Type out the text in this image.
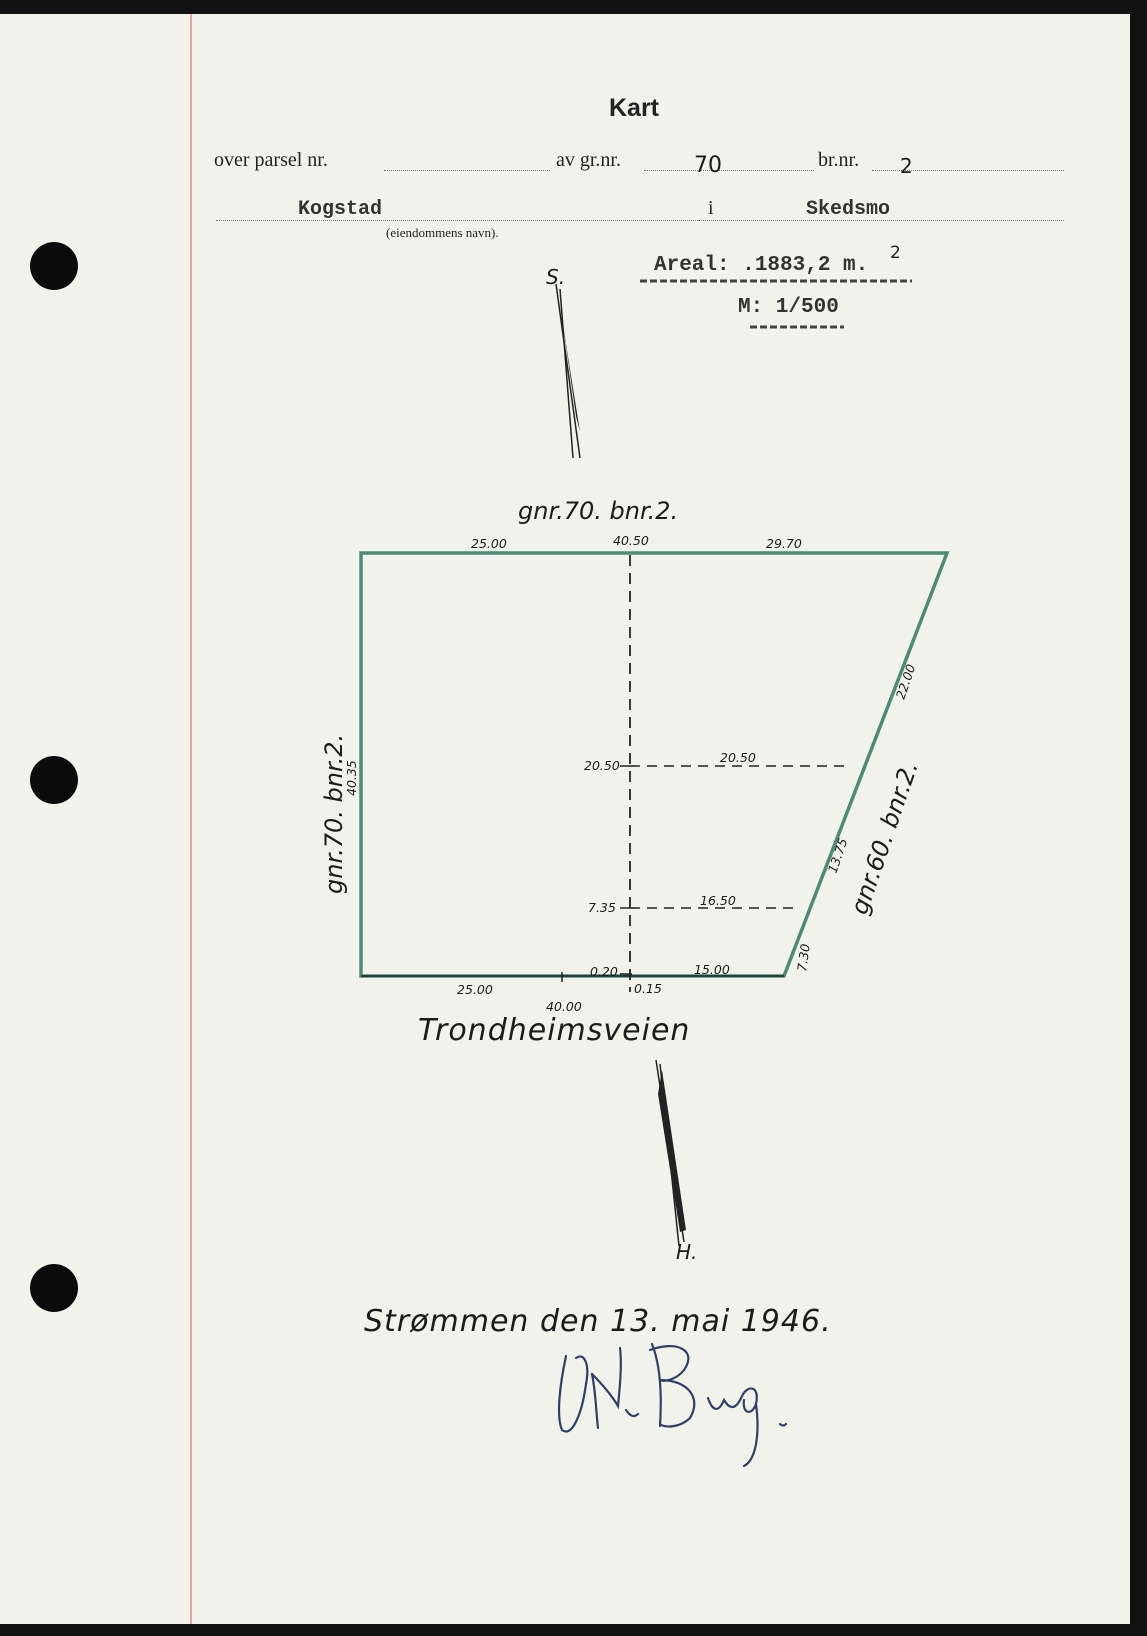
Kart
over parsel nr.	av gr.nr.	70	br.nr. 2
Kogstad
(eiendommens navn).
i	Skedsmo
Areal: .1883,2 m.
2
M: 1/500
S.
H.
gnr.70. bnr.2.
Trondheimsveien
gnr.70. bnr.2.	gnr.60. bnr.2.
25.00	40.50	29.70
40.35
22.00
13.75
7.30
20.50
20.50
7.35	16.50
0.20	15.00
25.00
40.00
0.15
Strømmen den 13. mai 1946.
